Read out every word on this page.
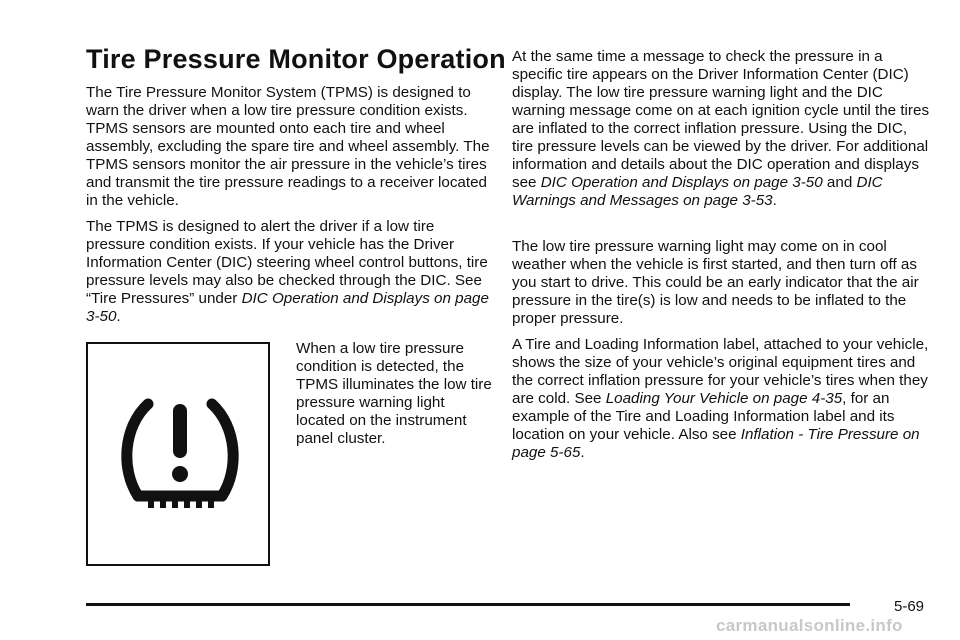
Tire Pressure Monitor Operation

The Tire Pressure Monitor System (TPMS) is designed to warn the driver when a low tire pressure condition exists. TPMS sensors are mounted onto each tire and wheel assembly, excluding the spare tire and wheel assembly. The TPMS sensors monitor the air pressure in the vehicle’s tires and transmit the tire pressure readings to a receiver located in the vehicle.

The TPMS is designed to alert the driver if a low tire pressure condition exists. If your vehicle has the Driver Information Center (DIC) steering wheel control buttons, tire pressure levels may also be checked through the DIC. See “Tire Pressures” under DIC Operation and Displays on page 3-50.

When a low tire pressure condition is detected, the TPMS illuminates the low tire pressure warning light located on the instrument panel cluster.

At the same time a message to check the pressure in a specific tire appears on the Driver Information Center (DIC) display. The low tire pressure warning light and the DIC warning message come on at each ignition cycle until the tires are inflated to the correct inflation pressure. Using the DIC, tire pressure levels can be viewed by the driver. For additional information and details about the DIC operation and displays see DIC Operation and Displays on page 3-50 and DIC Warnings and Messages on page 3-53.

The low tire pressure warning light may come on in cool weather when the vehicle is first started, and then turn off as you start to drive. This could be an early indicator that the air pressure in the tire(s) is low and needs to be inflated to the proper pressure.

A Tire and Loading Information label, attached to your vehicle, shows the size of your vehicle’s original equipment tires and the correct inflation pressure for your vehicle’s tires when they are cold. See Loading Your Vehicle on page 4-35, for an example of the Tire and Loading Information label and its location on your vehicle. Also see Inflation - Tire Pressure on page 5-65.

5-69
carmanualsonline.info
